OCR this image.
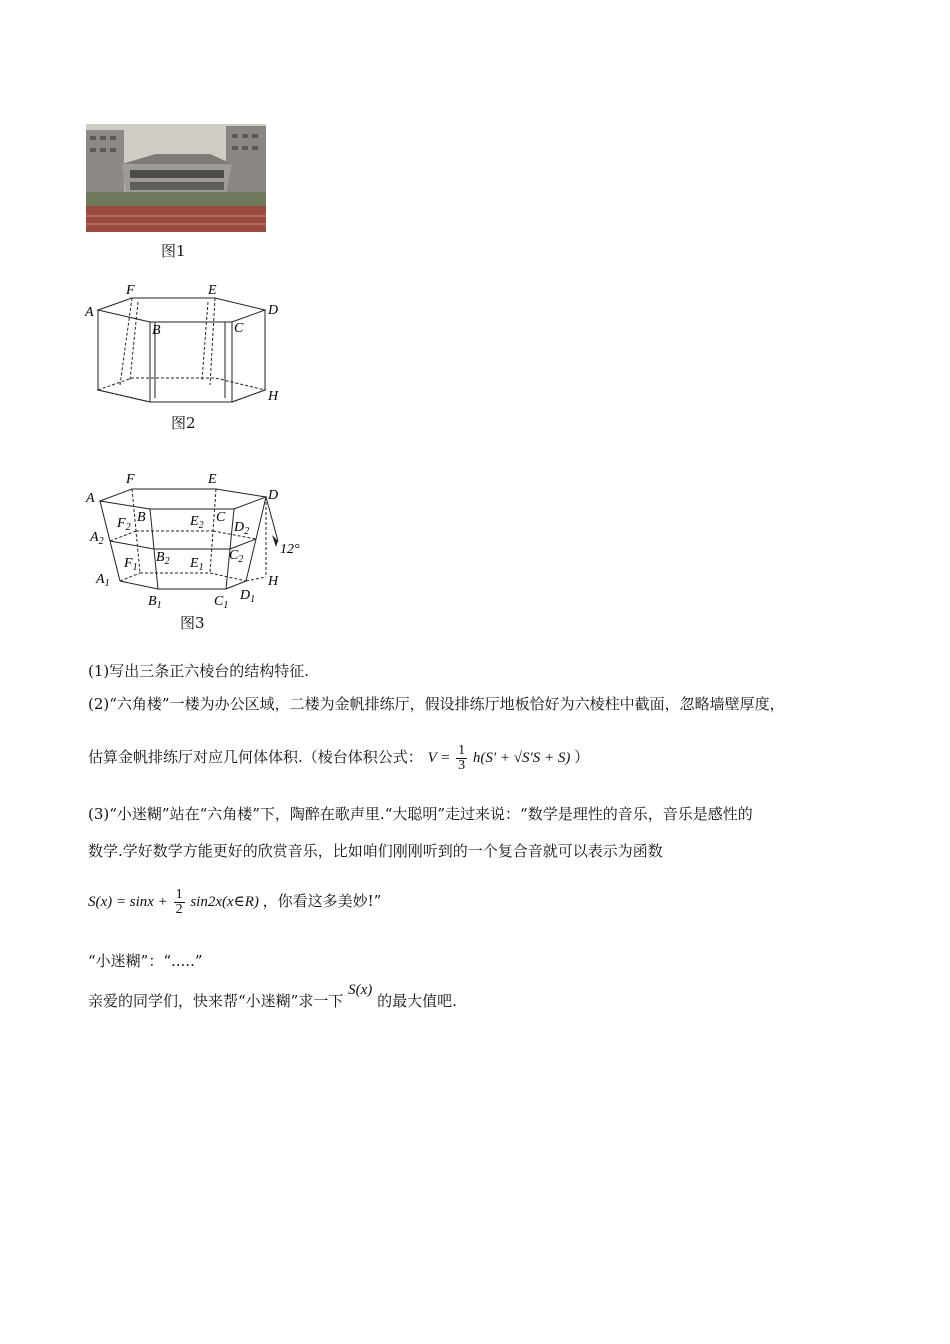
图1
A
F	E
D
B	C
H
图2
A
F	E
D
B	C
$F_2$	$E_2$ $D_2$
$A_2$
$B_2$	$C_2$
12°
$F_1$	$E_1$
$A_1$
$B_1$	$C_1$
$D_1$
H
图3
(1)写出三条正六棱台的结构特征.
(2)“六角楼”一楼为办公区域，二楼为金帆排练厅，假设排练厅地板恰好为六棱柱中截面，忽略墙壁厚度，
估算金帆排练厅对应几何体体积.（棱台体积公式： $V = \frac{1}{3} h(S' + √S'S + S)$ ）
(3)“小迷糊”站在“六角楼”下，陶醉在歌声里.“大聪明”走过来说：“数学是理性的音乐，音乐是感性的
数学.学好数学方能更好的欣赏音乐，比如咱们刚刚听到的一个复合音就可以表示为函数
$S(x) = \sin x + \frac{1}{2}$ sin2x(x∈R) ，你看这多美妙!”
“小迷糊”：“.....”
亲爱的同学们，快来帮“小迷糊”求一下 S(x) 的最大值吧.
